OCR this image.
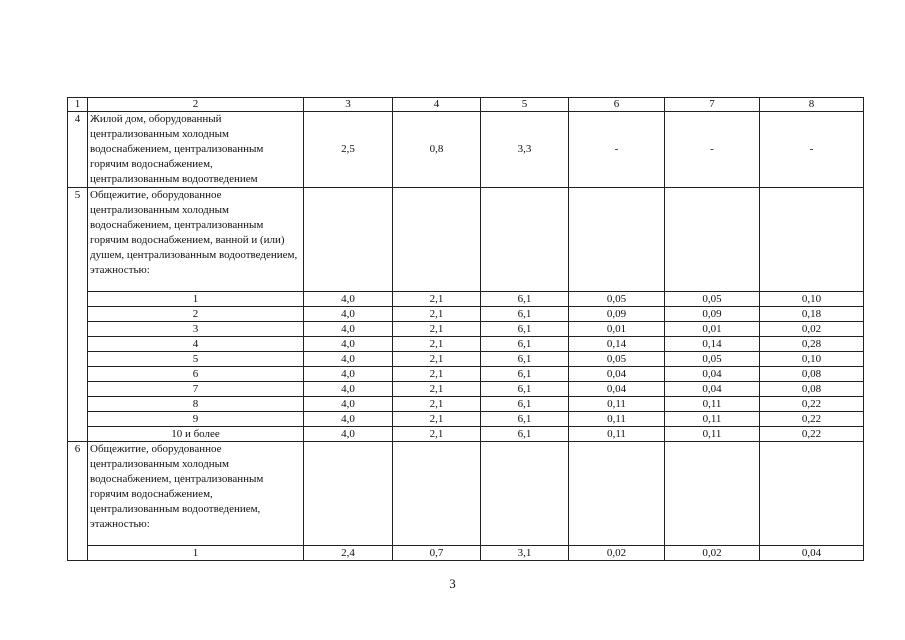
1	2	3	4	5	6	7	8
4	Жилой дом, оборудованный централизованным холодным водоснабжением, централизованным горячим водоснабжением, централизованным водоотведением	2,5	0,8	3,3	-	-	-
5	Общежитие, оборудованное централизованным холодным водоснабжением, централизованным горячим водоснабжением, ванной и (или) душем, централизованным водоотведением, этажностью:						
	1	4,0	2,1	6,1	0,05	0,05	0,10
	2	4,0	2,1	6,1	0,09	0,09	0,18
	3	4,0	2,1	6,1	0,01	0,01	0,02
	4	4,0	2,1	6,1	0,14	0,14	0,28
	5	4,0	2,1	6,1	0,05	0,05	0,10
	6	4,0	2,1	6,1	0,04	0,04	0,08
	7	4,0	2,1	6,1	0,04	0,04	0,08
	8	4,0	2,1	6,1	0,11	0,11	0,22
	9	4,0	2,1	6,1	0,11	0,11	0,22
	10 и более	4,0	2,1	6,1	0,11	0,11	0,22
6	Общежитие, оборудованное централизованным холодным водоснабжением, централизованным горячим водоснабжением, централизованным водоотведением, этажностью:						
	1	2,4	0,7	3,1	0,02	0,02	0,04
3
